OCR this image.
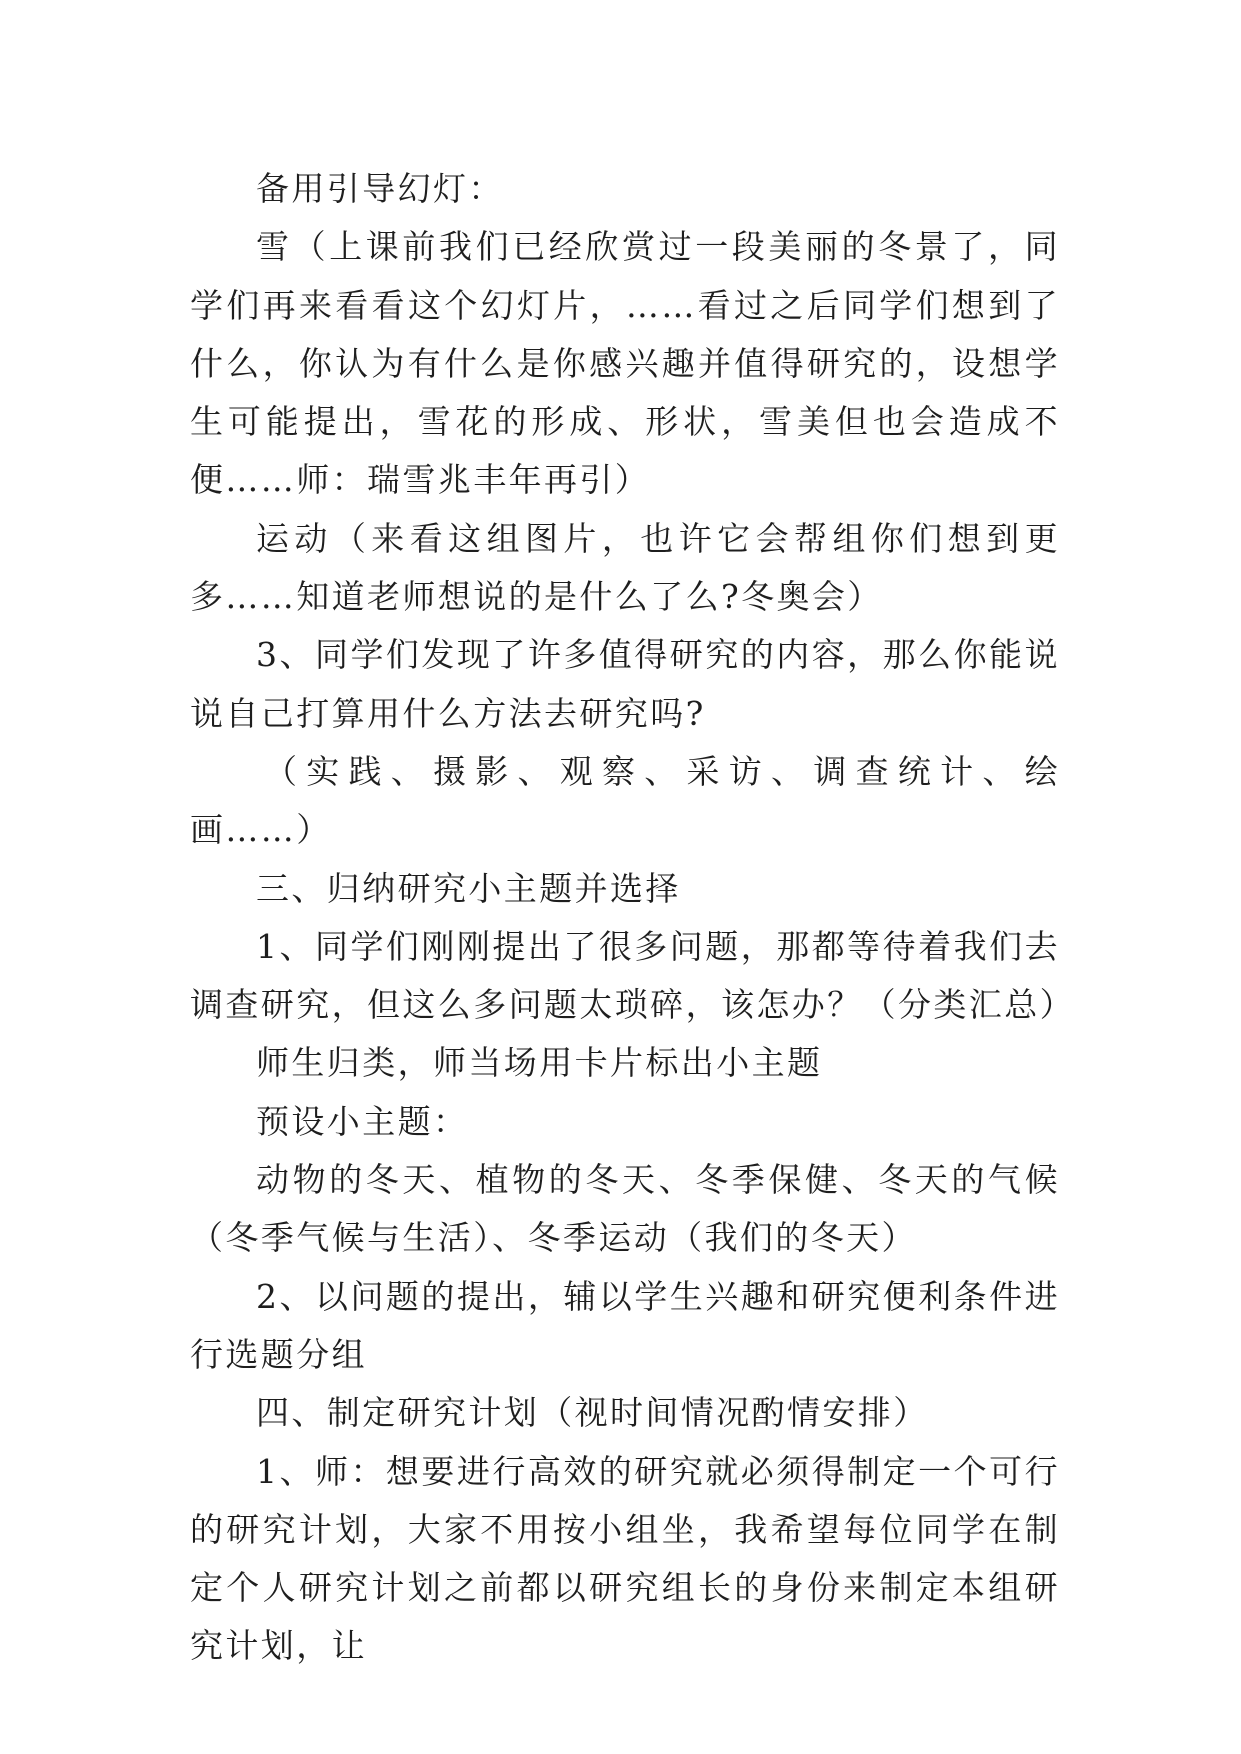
备用引导幻灯：

雪（上课前我们已经欣赏过一段美丽的冬景了，同学们再来看看这个幻灯片，……看过之后同学们想到了什么，你认为有什么是你感兴趣并值得研究的，设想学生可能提出，雪花的形成、形状，雪美但也会造成不便……师：瑞雪兆丰年再引）

运动（来看这组图片，也许它会帮组你们想到更多……知道老师想说的是什么了么?冬奥会）

3、同学们发现了许多值得研究的内容，那么你能说说自己打算用什么方法去研究吗?

（实践、摄影、观察、采访、调查统计、绘画……）

三、归纳研究小主题并选择

1、同学们刚刚提出了很多问题，那都等待着我们去调查研究，但这么多问题太琐碎，该怎办？（分类汇总）

师生归类，师当场用卡片标出小主题

预设小主题：

动物的冬天、植物的冬天、冬季保健、冬天的气候（冬季气候与生活）、冬季运动（我们的冬天）

2、以问题的提出，辅以学生兴趣和研究便利条件进行选题分组

四、制定研究计划（视时间情况酌情安排）

1、师：想要进行高效的研究就必须得制定一个可行的研究计划，大家不用按小组坐，我希望每位同学在制定个人研究计划之前都以研究组长的身份来制定本组研究计划，让
